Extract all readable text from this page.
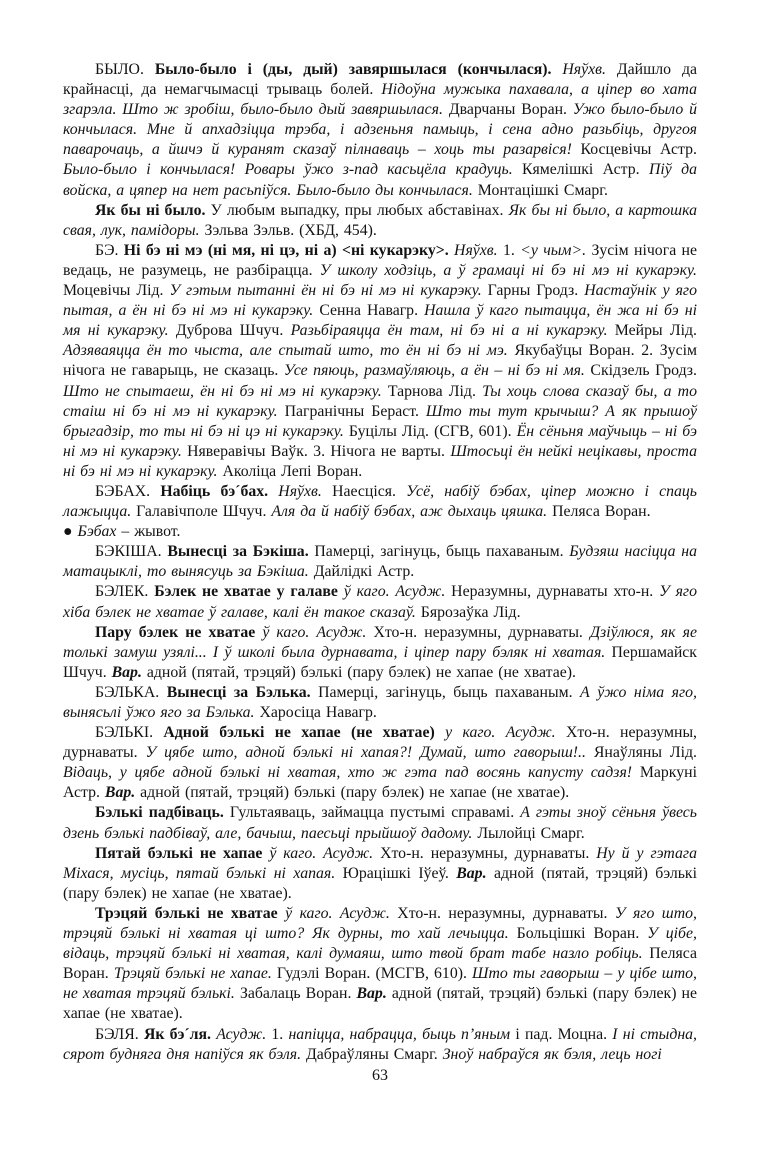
БЫЛО. Было-было і (ды, дый) завяршылася (кончылася). Няўхв. Дайшло да крайнасці, да немагчымасці трываць болей. Нідоўна мужыка пахавала, а ціпер во хата згарэла. Што ж зробіш, было-было дый завяршылася. Дварчаны Воран. Ужо было-было й кончылася. Мне й апхадзіцца трэба, і адзеньня памыць, і сена адно разьбіць, другоя паварочаць, а йшчэ й куранят сказаў пілнаваць – хоць ты разарвіся! Косцевічы Астр. Было-было і кончылася! Ровары ўжо з-пад касьцёла крадуць. Кямелішкі Астр. Піў да войска, а цяпер на нет расьпіўся. Было-было ды кончылася. Монтацішкі Смарг.

Як бы ні было. У любым выпадку, пры любых абставінах. Як бы ні было, а картошка свая, лук, памідоры. Зэльва Зэльв. (ХБД, 454).

БЭ. Ні бэ ні мэ (ні мя, ні цэ, ні а) <ні кукарэку>. Няўхв. 1. <у чым>. Зусім нічога не ведаць, не разумець, не разбірацца. У школу ходзіць, а ў грамаці ні бэ ні мэ ні кукарэку. Моцевічы Лід. У гэтым пытанні ён ні бэ ні мэ ні кукарэку. Гарны Гродз. Настаўнік у яго пытая, а ён ні бэ ні мэ ні кукарэку. Сенна Навагр. Нашла ў каго пытацца, ён жа ні бэ ні мя ні кукарэку. Дуброва Шчуч. Разьбіраяцца ён там, ні бэ ні а ні кукарэку. Мейры Лід. Адзяваяцца ён то чыста, але спытай што, то ён ні бэ ні мэ. Якубаўцы Воран. 2. Зусім нічога не гаварыць, не сказаць. Усе пяюць, размаўляюць, а ён – ні бэ ні мя. Скідзель Гродз. Што не спытаеш, ён ні бэ ні мэ ні кукарэку. Тарнова Лід. Ты хоць слова сказаў бы, а то стаіш ні бэ ні мэ ні кукарэку. Пагранічны Бераст. Што ты тут крычыш? А як прышоў брыгадзір, то ты ні бэ ні цэ ні кукарэку. Буцілы Лід. (СГВ, 601). Ён сёньня маўчыць – ні бэ ні мэ ні кукарэку. Няверавічы Ваўк. 3. Нічога не варты. Штосьці ён нейкі нецікавы, проста ні бэ ні мэ ні кукарэку. Аколіца Лепі Воран.

БЭБАХ. Набіць бэ´бах. Няўхв. Наесціся. Усё, набіў бэбах, ціпер можно і спаць лажыцца. Галавічполе Шчуч. Аля да й набіў бэбах, аж дыхаць цяшка. Пеляса Воран.

● Бэбах – жывот.

БЭКІША. Вынесці за Бэкіша. Памерці, загінуць, быць пахаваным. Будзяш насіцца на матацыклі, то вынясуць за Бэкіша. Дайлідкі Астр.

БЭЛЕК. Бэлек не хватае у галаве ў каго. Асудж. Неразумны, дурнаваты хто-н. У яго хіба бэлек не хватае ў галаве, калі ён такое сказаў. Бярозаўка Лід.

Пару бэлек не хватае ў каго. Асудж. Хто-н. неразумны, дурнаваты. Дзіўлюся, як яе толькі замуш узялі... І ў школі была дурнавата, і ціпер пару бэляк ні хватая. Першамайск Шчуч. Вар. адной (пятай, трэцяй) бэлькі (пару бэлек) не хапае (не хватае).

БЭЛЬКА. Вынесці за Бэлька. Памерці, загінуць, быць пахаваным. А ўжо німа яго, вынясьлі ўжо яго за Бэлька. Харосіца Навагр.

БЭЛЬКІ. Адной бэлькі не хапае (не хватае) у каго. Асудж. Хто-н. неразумны, дурнаваты. У цябе што, адной бэлькі ні хапая?! Думай, што гаворыш!.. Янаўляны Лід. Відаць, у цябе адной бэлькі ні хватая, хто ж гэта пад восянь капусту садзя! Маркуні Астр. Вар. адной (пятай, трэцяй) бэлькі (пару бэлек) не хапае (не хватае).

Бэлькі падбіваць. Гультаяваць, займацца пустымі справамі. А гэты зноў сёньня ўвесь дзень бэлькі падбіваў, але, бачыш, паесьці прыйшоў дадому. Лылойці Смарг.

Пятай бэлькі не хапае ў каго. Асудж. Хто-н. неразумны, дурнаваты. Ну й у гэтага Міхася, мусіць, пятай бэлькі ні хапая. Юрацішкі Іўеў. Вар. адной (пятай, трэцяй) бэлькі (пару бэлек) не хапае (не хватае).

Трэцяй бэлькі не хватае ў каго. Асудж. Хто-н. неразумны, дурнаваты. У яго што, трэцяй бэлькі ні хватая ці што? Як дурны, то хай лечыцца. Больцішкі Воран. У цібе, відаць, трэцяй бэлькі ні хватая, калі думаяш, што твой брат табе назло робіць. Пеляса Воран. Трэцяй бэлькі не хапае. Гудэлі Воран. (МСГВ, 610). Што ты гаворыш – у цібе што, не хватая трэцяй бэлькі. Забалаць Воран. Вар. адной (пятай, трэцяй) бэлькі (пару бэлек) не хапае (не хватае).

БЭЛЯ. Як бэ´ля. Асудж. 1. напіцца, набрацца, быць п’яным і пад. Моцна. І ні стыдна, сярот будняга дня напіўся як бэля. Дабраўляны Смарг. Зноў набраўся як бэля, лець ногі

63
